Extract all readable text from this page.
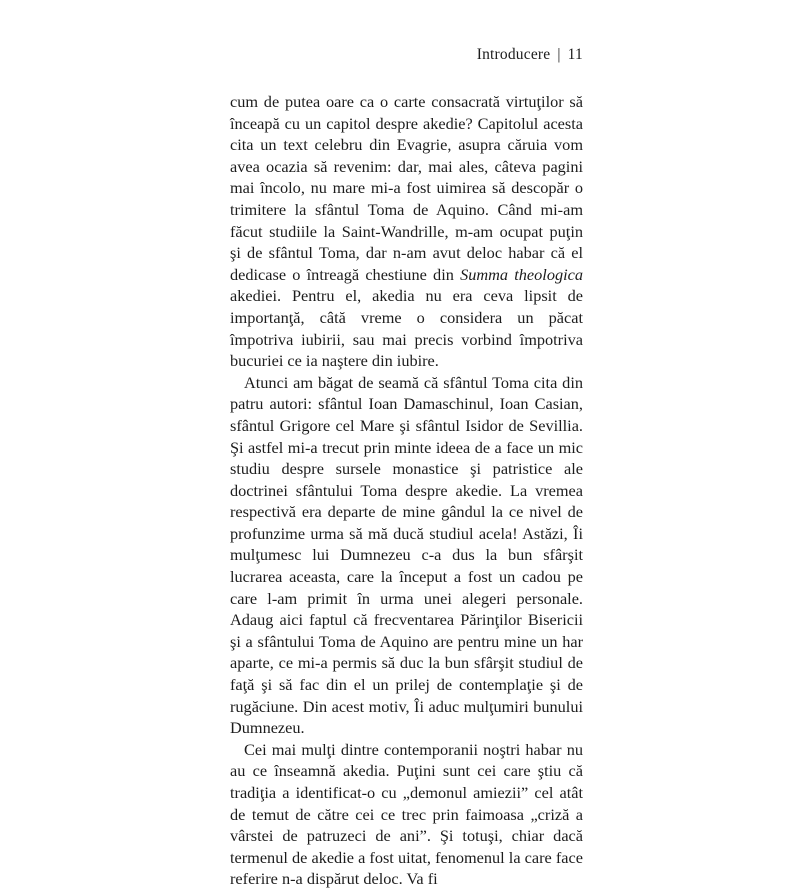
Introducere | 11

cum de putea oare ca o carte consacrată virtuţilor să înceapă cu un capitol despre akedie? Capitolul acesta cita un text celebru din Evagrie, asupra căruia vom avea ocazia să revenim: dar, mai ales, câteva pagini mai încolo, nu mare mi-a fost uimirea să descopăr o trimitere la sfântul Toma de Aquino. Când mi-am făcut studiile la Saint-Wandrille, m-am ocupat puţin şi de sfântul Toma, dar n-am avut deloc habar că el dedicase o întreagă chestiune din Summa theologica akediei. Pentru el, akedia nu era ceva lipsit de importanţă, câtă vreme o considera un păcat împotriva iubirii, sau mai precis vorbind împotriva bucuriei ce ia naştere din iubire.

Atunci am băgat de seamă că sfântul Toma cita din patru autori: sfântul Ioan Damaschinul, Ioan Casian, sfântul Grigore cel Mare şi sfântul Isidor de Sevillia. Şi astfel mi-a trecut prin minte ideea de a face un mic studiu despre sursele monastice şi patristice ale doctrinei sfântului Toma despre akedie. La vremea respectivă era departe de mine gândul la ce nivel de profunzime urma să mă ducă studiul acela! Astăzi, Îi mulţumesc lui Dumnezeu c-a dus la bun sfârşit lucrarea aceasta, care la început a fost un cadou pe care l-am primit în urma unei alegeri personale. Adaug aici faptul că frecventarea Părinţilor Bisericii şi a sfântului Toma de Aquino are pentru mine un har aparte, ce mi-a permis să duc la bun sfârşit studiul de faţă şi să fac din el un prilej de contemplaţie şi de rugăciune. Din acest motiv, Îi aduc mulţumiri bunului Dumnezeu.

Cei mai mulţi dintre contemporanii noştri habar nu au ce înseamnă akedia. Puţini sunt cei care ştiu că tradiţia a identificat-o cu „demonul amiezii” cel atât de temut de către cei ce trec prin faimoasa „criză a vârstei de patruzeci de ani”. Şi totuşi, chiar dacă termenul de akedie a fost uitat, fenomenul la care face referire n-a dispărut deloc. Va fi
